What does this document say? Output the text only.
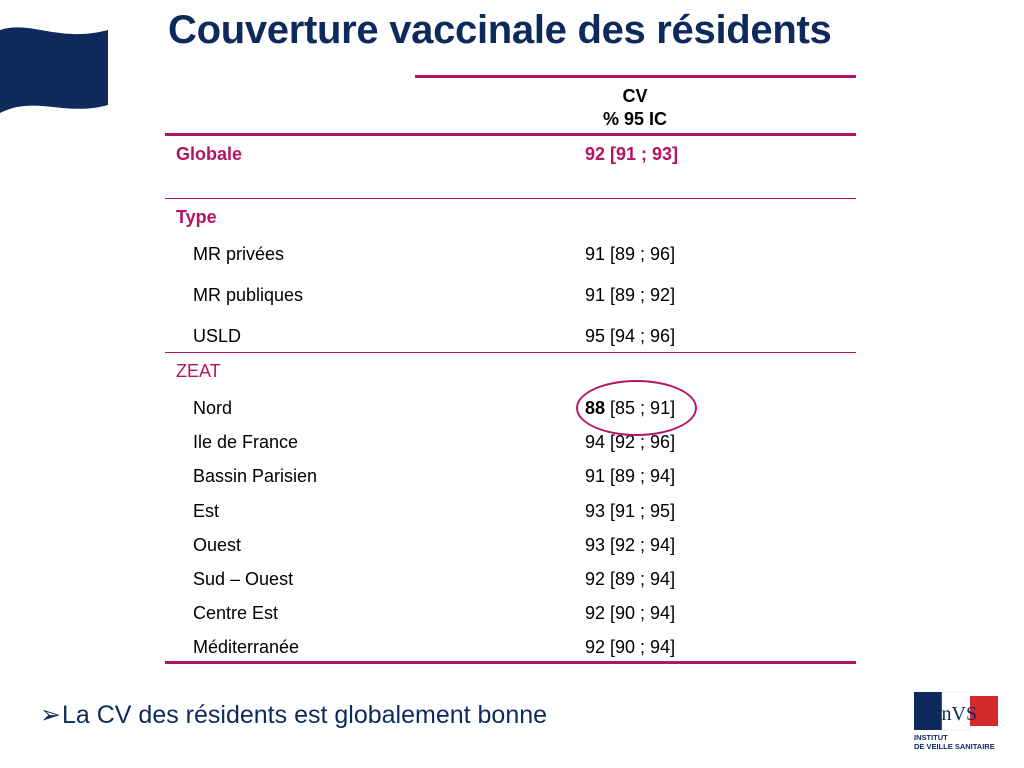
Couverture vaccinale des résidents
CV
% 95 IC
Globale	92 [91 ; 93]
Type
MR privées	91 [89 ; 96]
MR publiques	91 [89 ; 92]
USLD	95 [94 ; 96]
ZEAT
Nord	88 [85 ; 91]
Ile de France	94 [92 ; 96]
Bassin Parisien	91 [89 ; 94]
Est	93 [91 ; 95]
Ouest	93 [92 ; 94]
Sud – Ouest	92 [89 ; 94]
Centre Est	92 [90 ; 94]
Méditerranée	92 [90 ; 94]
➢La CV des résidents est globalement bonne	InVS
INSTITUT
DE VEILLE SANITAIRE
